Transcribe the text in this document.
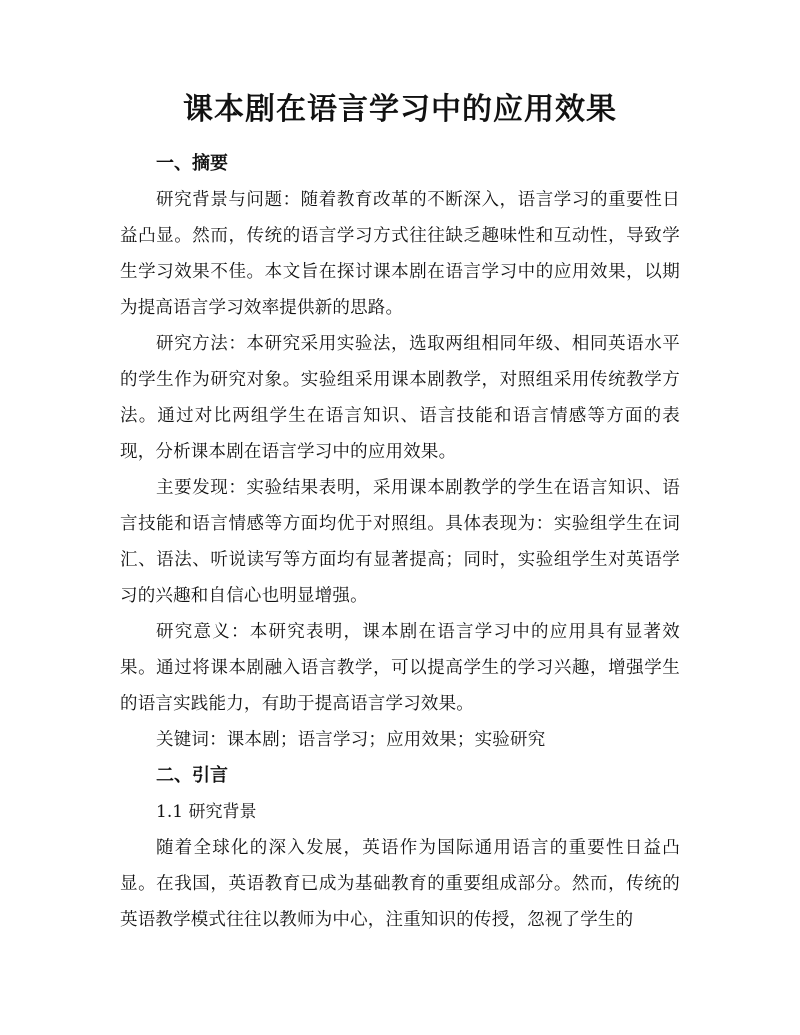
课本剧在语言学习中的应用效果

一、摘要

研究背景与问题：随着教育改革的不断深入，语言学习的重要性日益凸显。然而，传统的语言学习方式往往缺乏趣味性和互动性，导致学生学习效果不佳。本文旨在探讨课本剧在语言学习中的应用效果，以期为提高语言学习效率提供新的思路。

研究方法：本研究采用实验法，选取两组相同年级、相同英语水平的学生作为研究对象。实验组采用课本剧教学，对照组采用传统教学方法。通过对比两组学生在语言知识、语言技能和语言情感等方面的表现，分析课本剧在语言学习中的应用效果。

主要发现：实验结果表明，采用课本剧教学的学生在语言知识、语言技能和语言情感等方面均优于对照组。具体表现为：实验组学生在词汇、语法、听说读写等方面均有显著提高；同时，实验组学生对英语学习的兴趣和自信心也明显增强。

研究意义：本研究表明，课本剧在语言学习中的应用具有显著效果。通过将课本剧融入语言教学，可以提高学生的学习兴趣，增强学生的语言实践能力，有助于提高语言学习效果。

关键词：课本剧；语言学习；应用效果；实验研究

二、引言

1.1 研究背景

随着全球化的深入发展，英语作为国际通用语言的重要性日益凸显。在我国，英语教育已成为基础教育的重要组成部分。然而，传统的英语教学模式往往以教师为中心，注重知识的传授，忽视了学生的
